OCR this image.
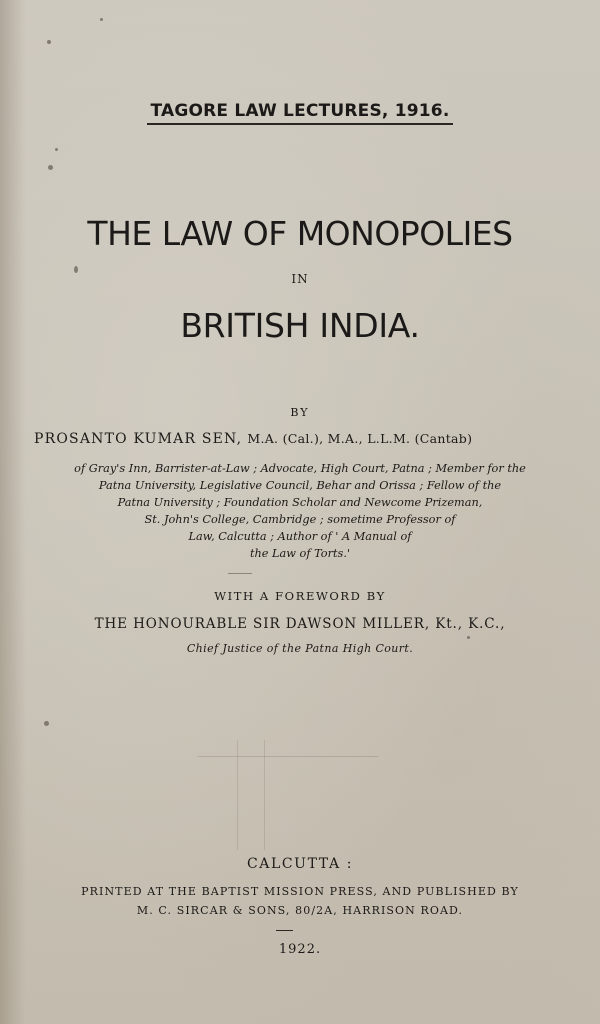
TAGORE LAW LECTURES, 1916.
THE LAW OF MONOPOLIES
IN
BRITISH INDIA.
BY
PROSANTO KUMAR SEN, M.A. (Cal.), M.A., L.L.M. (Cantab)
of Gray's Inn, Barrister-at-Law ; Advocate, High Court, Patna ; Member for the
Patna University, Legislative Council, Behar and Orissa ; Fellow of the
Patna University ; Foundation Scholar and Newcome Prizeman,
St. John's College, Cambridge ; sometime Professor of
Law, Calcutta ; Author of ' A Manual of
the Law of Torts.'
WITH A FOREWORD BY
THE HONOURABLE SIR DAWSON MILLER, Kt., K.C.,
Chief Justice of the Patna High Court.
CALCUTTA :
PRINTED AT THE BAPTIST MISSION PRESS, AND PUBLISHED BY
M. C. SIRCAR & SONS, 80/2A, HARRISON ROAD.
1922.
